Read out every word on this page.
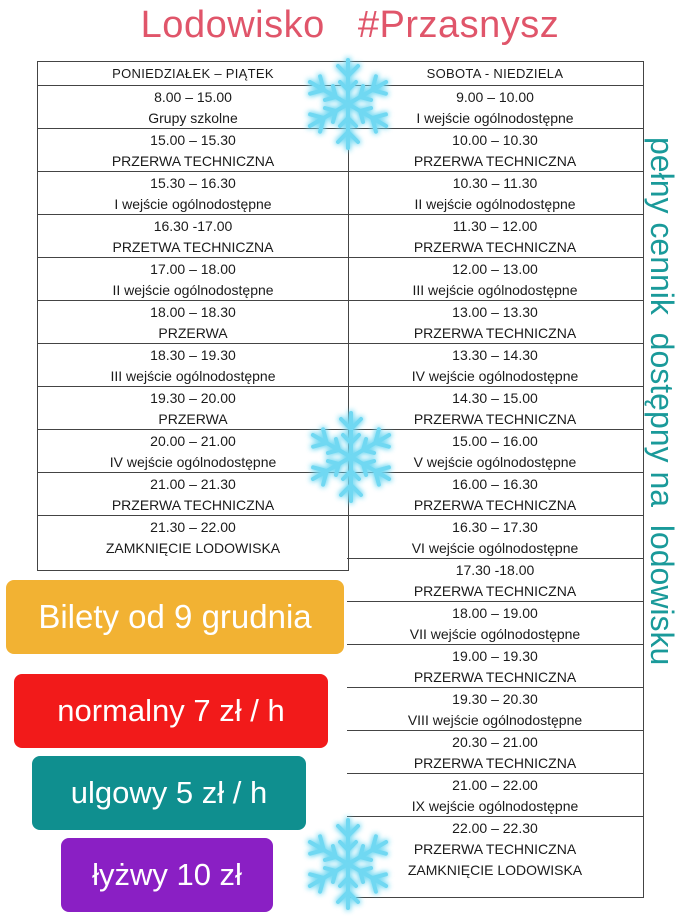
Lodowisko   #Przasnysz
pełny cennik  dostępny na  lodowisku
PONIEDZIAŁEK – PIĄTEK
8.00 – 15.00
Grupy szkolne
15.00 – 15.30
PRZERWA TECHNICZNA
15.30 – 16.30
I wejście ogólnodostępne
16.30 -17.00
PRZETWA TECHNICZNA
17.00 – 18.00
II wejście ogólnodostępne
18.00 – 18.30
PRZERWA
18.30 – 19.30
III wejście ogólnodostępne
19.30 – 20.00
PRZERWA
20.00 – 21.00
IV wejście ogólnodostępne
21.00 – 21.30
PRZERWA TECHNICZNA
21.30 – 22.00
ZAMKNIĘCIE LODOWISKA
SOBOTA - NIEDZIELA
9.00 – 10.00
I wejście ogólnodostępne
10.00 – 10.30
PRZERWA TECHNICZNA
10.30 – 11.30
II wejście ogólnodostępne
11.30 – 12.00
PRZERWA TECHNICZNA
12.00 – 13.00
III wejście ogólnodostępne
13.00 – 13.30
PRZERWA TECHNICZNA
13.30 – 14.30
IV wejście ogólnodostępne
14.30 – 15.00
PRZERWA TECHNICZNA
15.00 – 16.00
V wejście ogólnodostępne
16.00 – 16.30
PRZERWA TECHNICZNA
16.30 – 17.30
VI wejście ogólnodostępne
17.30 -18.00
PRZERWA TECHNICZNA
18.00 – 19.00
VII wejście ogólnodostępne
19.00 – 19.30
PRZERWA TECHNICZNA
19.30 – 20.30
VIII wejście ogólnodostępne
20.30 – 21.00
PRZERWA TECHNICZNA
21.00 – 22.00
IX wejście ogólnodostępne
22.00 – 22.30
PRZERWA TECHNICZNA
ZAMKNIĘCIE LODOWISKA
Bilety od 9 grudnia
normalny 7 zł / h
ulgowy 5 zł / h
łyżwy 10 zł
